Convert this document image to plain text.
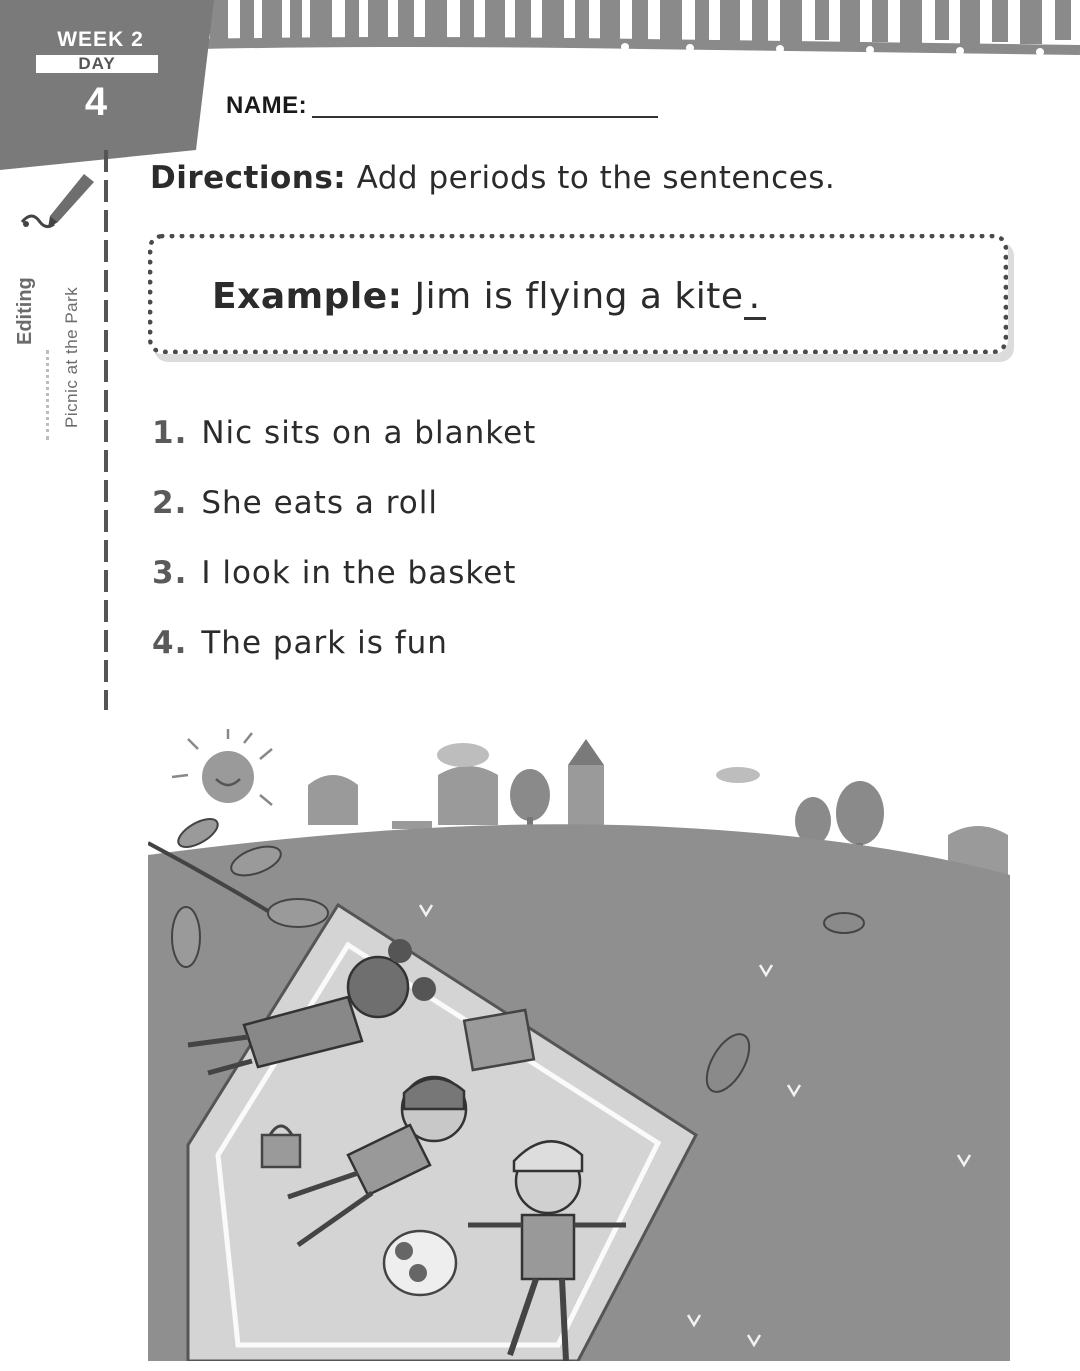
WEEK 2
DAY
4
Editing Picnic at the Park
NAME:
Directions: Add periods to the sentences.
Example: Jim is flying a kite .
1. Nic sits on a blanket
2. She eats a roll
3. I look in the basket
4. The park is fun
